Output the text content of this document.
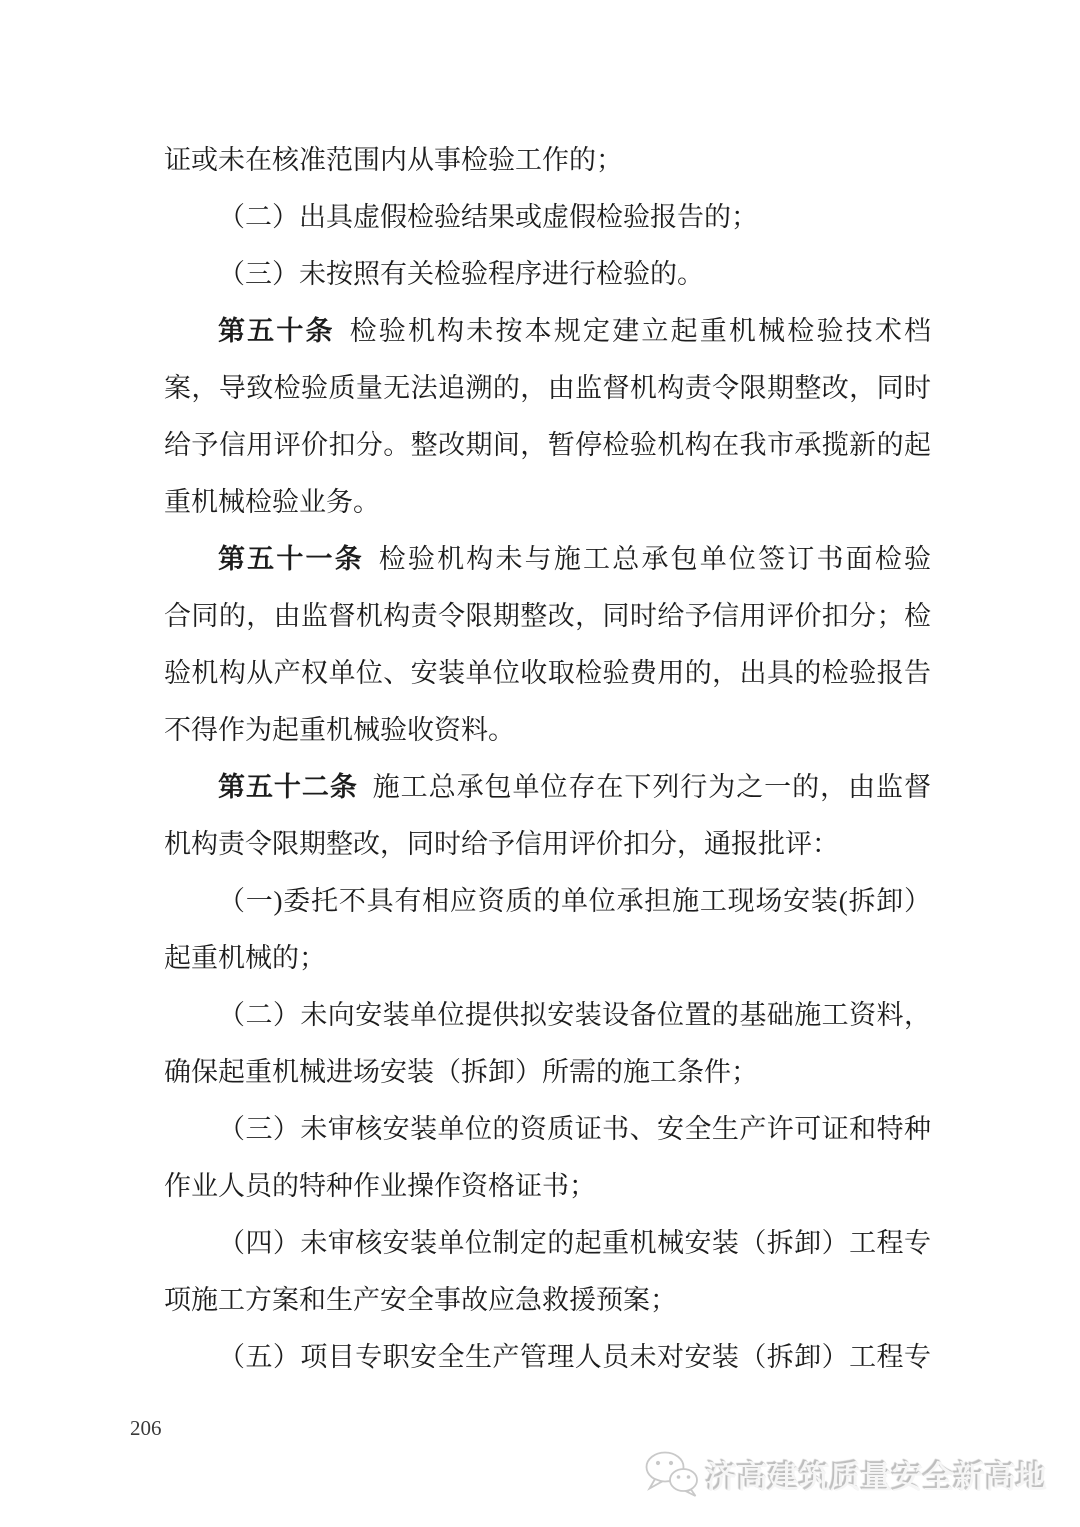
证或未在核准范围内从事检验工作的；
（二）出具虚假检验结果或虚假检验报告的；
（三）未按照有关检验程序进行检验的。
第五十条 检验机构未按本规定建立起重机械检验技术档
案，导致检验质量无法追溯的，由监督机构责令限期整改，同时
给予信用评价扣分。整改期间，暂停检验机构在我市承揽新的起
重机械检验业务。
第五十一条 检验机构未与施工总承包单位签订书面检验
合同的，由监督机构责令限期整改，同时给予信用评价扣分；检
验机构从产权单位、安装单位收取检验费用的，出具的检验报告
不得作为起重机械验收资料。
第五十二条 施工总承包单位存在下列行为之一的，由监督
机构责令限期整改，同时给予信用评价扣分，通报批评：
（一)委托不具有相应资质的单位承担施工现场安装(拆卸）
起重机械的；
（二）未向安装单位提供拟安装设备位置的基础施工资料，
确保起重机械进场安装（拆卸）所需的施工条件；
（三）未审核安装单位的资质证书、安全生产许可证和特种
作业人员的特种作业操作资格证书；
（四）未审核安装单位制定的起重机械安装（拆卸）工程专
项施工方案和生产安全事故应急救援预案；
（五）项目专职安全生产管理人员未对安装（拆卸）工程专
206
济高建筑质量安全新高地
